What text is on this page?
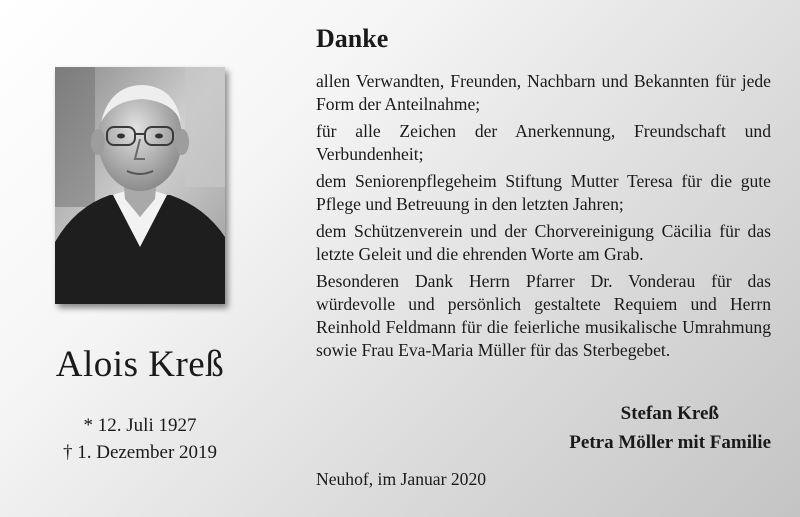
Alois Kreß
* 12. Juli 1927
† 1. Dezember 2019
Danke

allen Verwandten, Freunden, Nachbarn und Bekannten für jede Form der Anteilnahme;

für alle Zeichen der Anerkennung, Freundschaft und Verbundenheit;

dem Seniorenpflegeheim Stiftung Mutter Teresa für die gute Pflege und Betreuung in den letzten Jahren;

dem Schützenverein und der Chorvereinigung Cäcilia für das letzte Geleit und die ehrenden Worte am Grab.

Besonderen Dank Herrn Pfarrer Dr. Vonderau für das würdevolle und persönlich gestaltete Requiem und Herrn Reinhold Feldmann für die feierliche musikalische Umrahmung sowie Frau Eva-Maria Müller für das Sterbegebet.

Stefan Kreß
Petra Möller mit Familie
Neuhof, im Januar 2020
